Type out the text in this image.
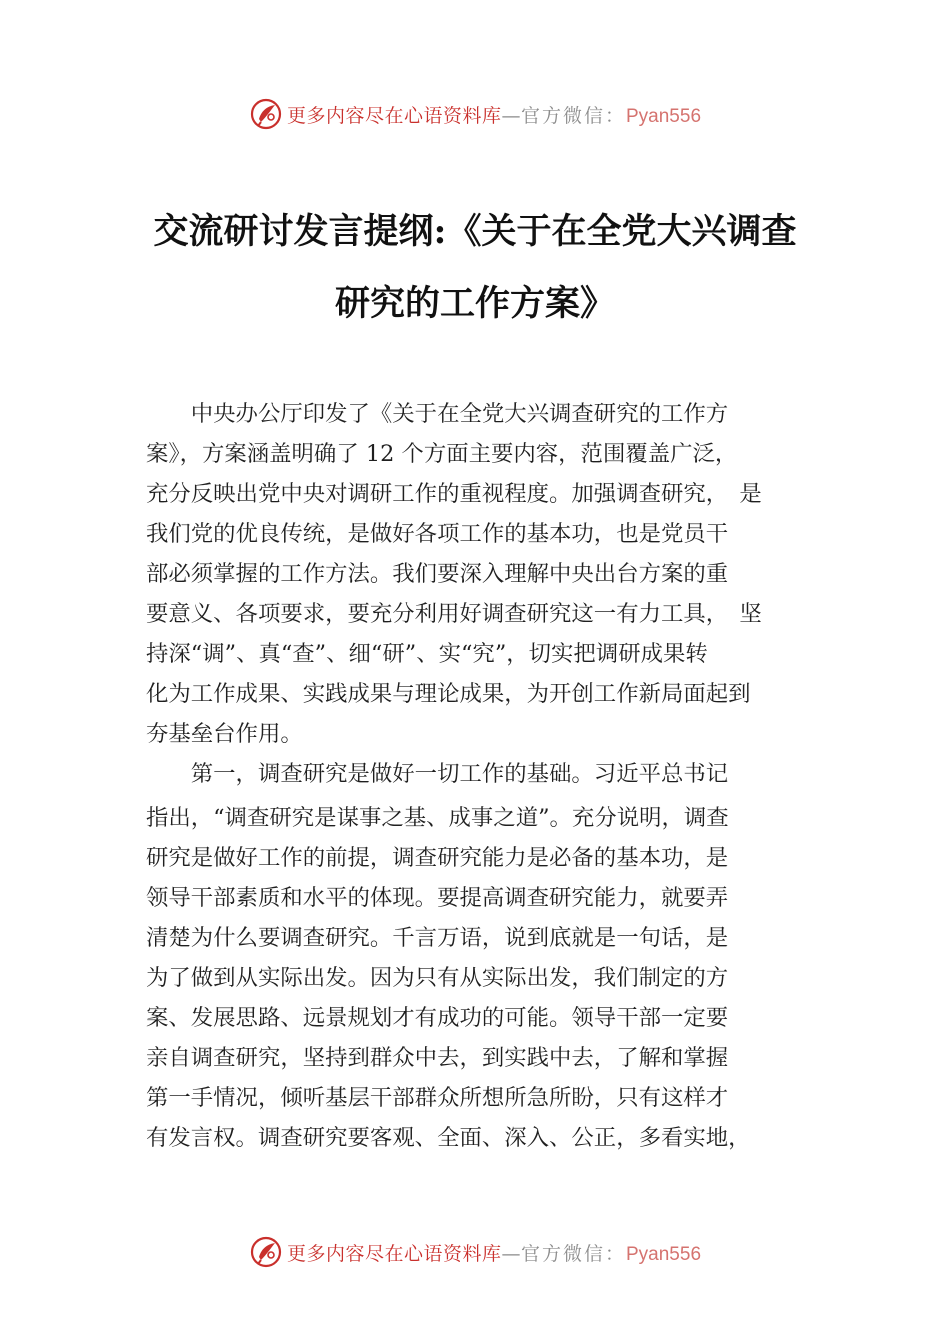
更多内容尽在心语资料库—官方微信：Pyan556
交流研讨发言提纲:《关于在全党大兴调查
研究的工作方案》
　　中央办公厅印发了《关于在全党大兴调查研究的工作方
案》，方案涵盖明确了 12 个方面主要内容，范围覆盖广泛，
充分反映出党中央对调研工作的重视程度。加强调查研究，　是
我们党的优良传统，是做好各项工作的基本功，也是党员干
部必须掌握的工作方法。我们要深入理解中央出台方案的重
要意义、各项要求，要充分利用好调查研究这一有力工具，　坚
持深“调”、真“查”、细“研”、实“究”，切实把调研成果转
化为工作成果、实践成果与理论成果，为开创工作新局面起到
夯基垒台作用。
　　第一，调查研究是做好一切工作的基础。习近平总书记
指出，“调查研究是谋事之基、成事之道”。充分说明，调查
研究是做好工作的前提，调查研究能力是必备的基本功，是
领导干部素质和水平的体现。要提高调查研究能力，就要弄
清楚为什么要调查研究。千言万语，说到底就是一句话，是
为了做到从实际出发。因为只有从实际出发，我们制定的方
案、发展思路、远景规划才有成功的可能。领导干部一定要
亲自调查研究，坚持到群众中去，到实践中去，了解和掌握
第一手情况，倾听基层干部群众所想所急所盼，只有这样才
有发言权。调查研究要客观、全面、深入、公正，多看实地，
更多内容尽在心语资料库—官方微信：Pyan556
